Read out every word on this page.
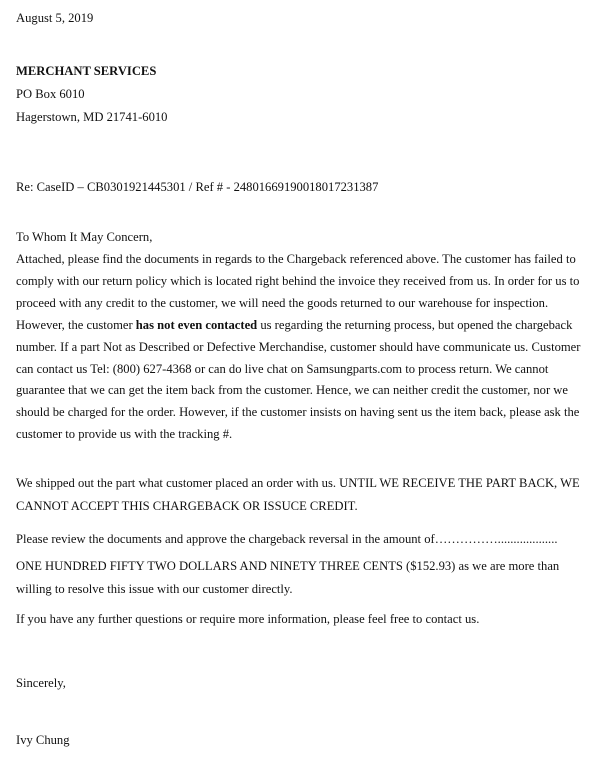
August 5, 2019
MERCHANT SERVICES
PO Box 6010
Hagerstown, MD 21741-6010
Re: CaseID – CB0301921445301 / Ref # - 24801669190018017231387
To Whom It May Concern,
Attached, please find the documents in regards to the Chargeback referenced above. The customer has failed to comply with our return policy which is located right behind the invoice they received from us. In order for us to proceed with any credit to the customer, we will need the goods returned to our warehouse for inspection. However, the customer has not even contacted us regarding the returning process, but opened the chargeback number. If a part Not as Described or Defective Merchandise, customer should have communicate us. Customer can contact us Tel: (800) 627-4368 or can do live chat on Samsungparts.com to process return. We cannot guarantee that we can get the item back from the customer. Hence, we can neither credit the customer, nor we should be charged for the order. However, if the customer insists on having sent us the item back, please ask the customer to provide us with the tracking #.
We shipped out the part what customer placed an order with us. UNTIL WE RECEIVE THE PART BACK, WE CANNOT ACCEPT THIS CHARGEBACK OR ISSUCE CREDIT.
Please review the documents and approve the chargeback reversal in the amount of……………...................
ONE HUNDRED FIFTY TWO DOLLARS AND NINETY THREE CENTS ($152.93) as we are more than willing to resolve this issue with our customer directly.
If you have any further questions or require more information, please feel free to contact us.
Sincerely,
Ivy Chung
